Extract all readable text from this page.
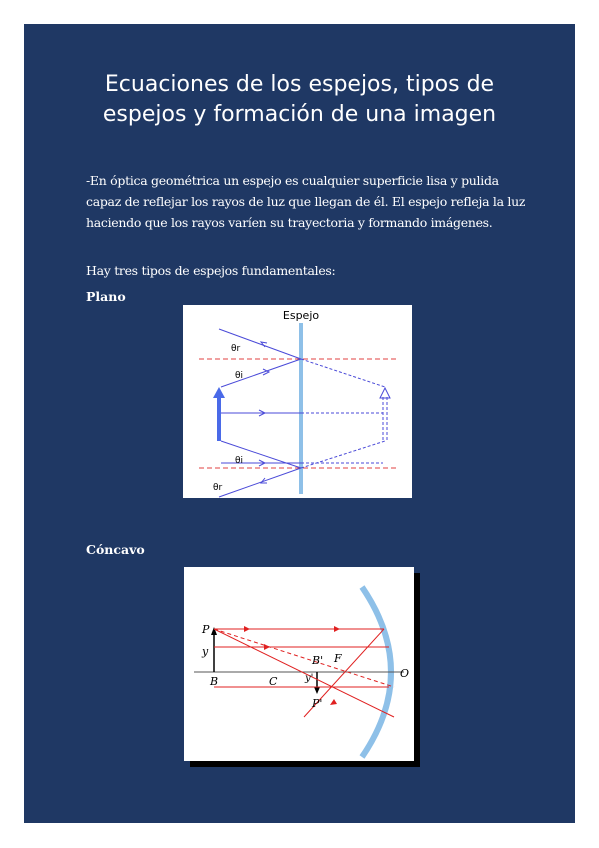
Ecuaciones de los espejos, tipos de espejos y formación de una imagen
-En óptica geométrica un espejo es cualquier superficie lisa y pulida capaz de reflejar los rayos de luz que llegan de él. El espejo refleja la luz haciendo que los rayos varíen su trayectoria y formando imágenes.
Hay tres tipos de espejos fundamentales:
Plano
Espejo
θr
θi
θi
θr
Cóncavo
P
y
B	C
B' F
y'
P'
O
